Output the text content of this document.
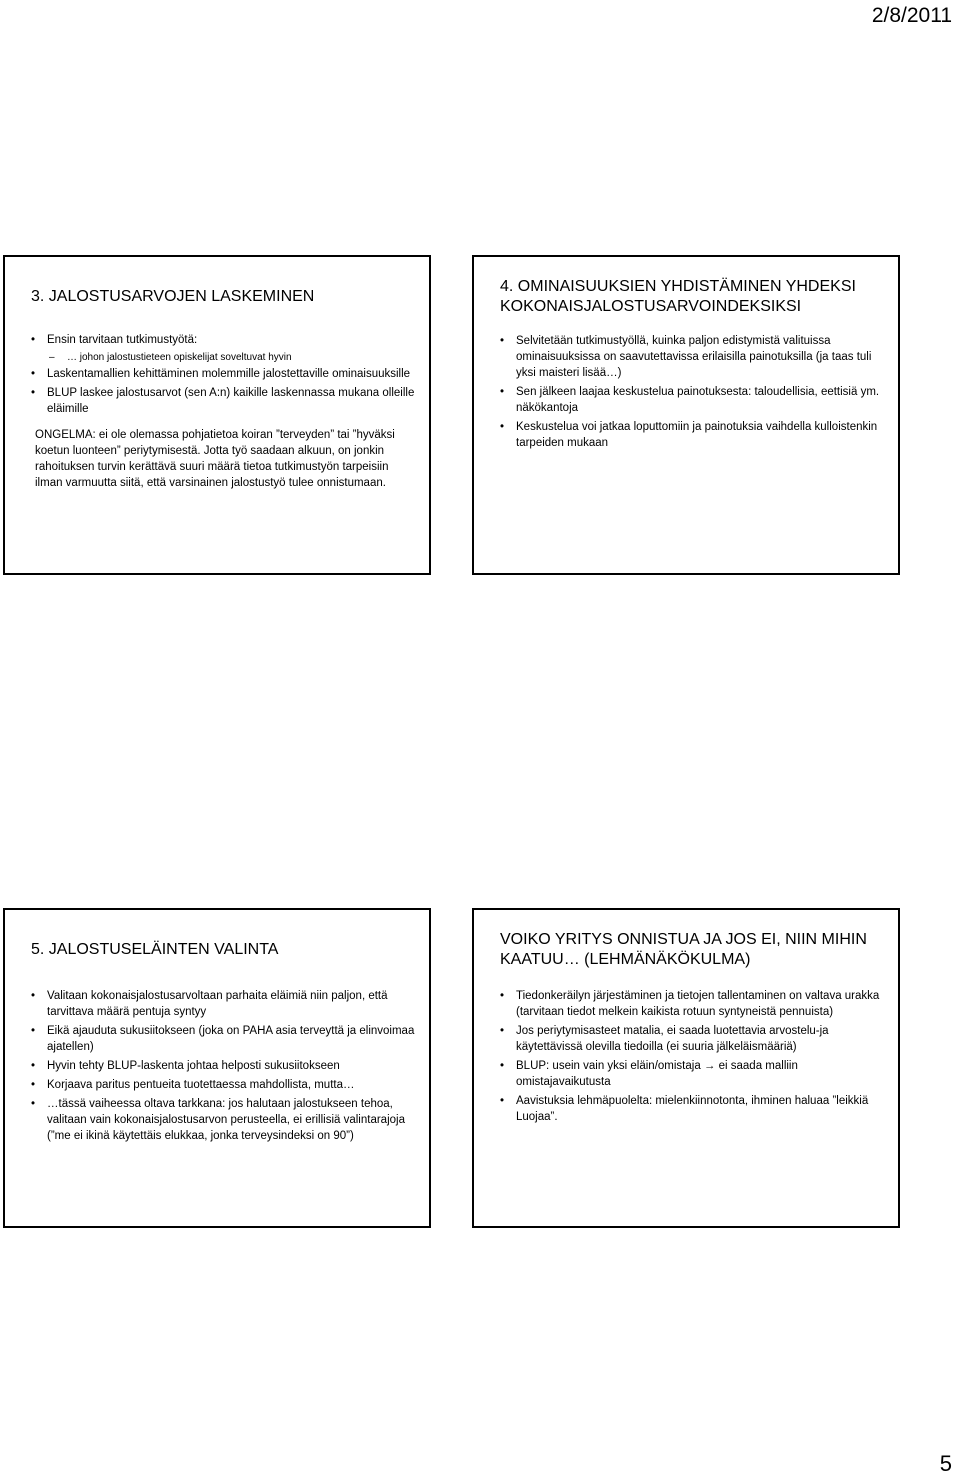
2/8/2011
3. JALOSTUSARVOJEN LASKEMINEN
• Ensin tarvitaan tutkimustyötä:
– … johon jalostustieteen opiskelijat soveltuvat hyvin
• Laskentamallien kehittäminen molemmille jalostettaville ominaisuuksille
• BLUP laskee jalostusarvot (sen A:n) kaikille laskennassa mukana olleille eläimille
ONGELMA: ei ole olemassa pohjatietoa koiran ”terveyden” tai ”hyväksi koetun luonteen” periytymisestä. Jotta työ saadaan alkuun, on jonkin rahoituksen turvin kerättävä suuri määrä tietoa tutkimustyön tarpeisiin ilman varmuutta siitä, että varsinainen jalostustyö tulee onnistumaan.
4. OMINAISUUKSIEN YHDISTÄMINEN YHDEKSI KOKONAISJALOSTUSARVOINDEKSIKSI
• Selvitetään tutkimustyöllä, kuinka paljon edistymistä valituissa ominaisuuksissa on saavutettavissa erilaisilla painotuksilla (ja taas tuli yksi maisteri lisää…)
• Sen jälkeen laajaa keskustelua painotuksesta: taloudellisia, eettisiä ym. näkökantoja
• Keskustelua voi jatkaa loputtomiin ja painotuksia vaihdella kulloistenkin tarpeiden mukaan
5. JALOSTUSELÄINTEN VALINTA
• Valitaan kokonaisjalostusarvoltaan parhaita eläimiä niin paljon, että tarvittava määrä pentuja syntyy
• Eikä ajauduta sukusiitokseen (joka on PAHA asia terveyttä ja elinvoimaa ajatellen)
• Hyvin tehty BLUP-laskenta johtaa helposti sukusiitokseen
• Korjaava paritus pentueita tuotettaessa mahdollista, mutta…
• …tässä vaiheessa oltava tarkkana: jos halutaan jalostukseen tehoa, valitaan vain kokonaisjalostusarvon perusteella, ei erillisiä valintarajoja (”me ei ikinä käytettäis elukkaa, jonka terveysindeksi on 90”)
VOIKO YRITYS ONNISTUA JA JOS EI, NIIN MIHIN KAATUU… (LEHMÄNÄKÖKULMA)
• Tiedonkeräilyn järjestäminen ja tietojen tallentaminen on valtava urakka (tarvitaan tiedot melkein kaikista rotuun syntyneistä pennuista)
• Jos periytymisasteet matalia, ei saada luotettavia arvostelu-ja käytettävissä olevilla tiedoilla (ei suuria jälkeläismääriä)
• BLUP: usein vain yksi eläin/omistaja → ei saada malliin omistajavaikutusta
• Aavistuksia lehmäpuolelta: mielenkiinnotonta, ihminen haluaa ”leikkiä Luojaa”.
5
